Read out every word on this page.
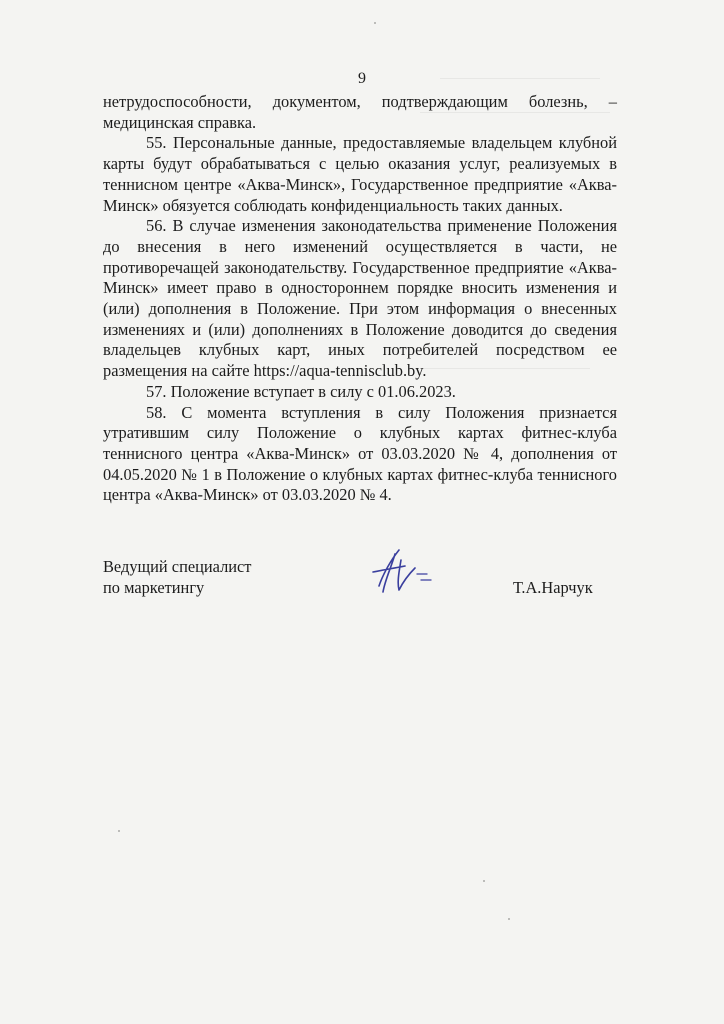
9

нетрудоспособности, документом, подтверждающим болезнь, – медицинская справка.

55. Персональные данные, предоставляемые владельцем клубной карты будут обрабатываться с целью оказания услуг, реализуемых в теннисном центре «Аква-Минск», Государственное предприятие «Аква-Минск» обязуется соблюдать конфиденциальность таких данных.

56. В случае изменения законодательства применение Положения до внесения в него изменений осуществляется в части, не противоречащей законодательству. Государственное предприятие «Аква-Минск» имеет право в одностороннем порядке вносить изменения и (или) дополнения в Положение. При этом информация о внесенных изменениях и (или) дополнениях в Положение доводится до сведения владельцев клубных карт, иных потребителей посредством ее размещения на сайте https://aqua-tennisclub.by.

57. Положение вступает в силу с 01.06.2023.

58. С момента вступления в силу Положения признается утратившим силу Положение о клубных картах фитнес-клуба теннисного центра «Аква-Минск» от 03.03.2020 № 4, дополнения от 04.05.2020 № 1 в Положение о клубных картах фитнес-клуба теннисного центра «Аква-Минск» от 03.03.2020 № 4.

Ведущий специалист
по маркетингу	Т.А.Нарчук
